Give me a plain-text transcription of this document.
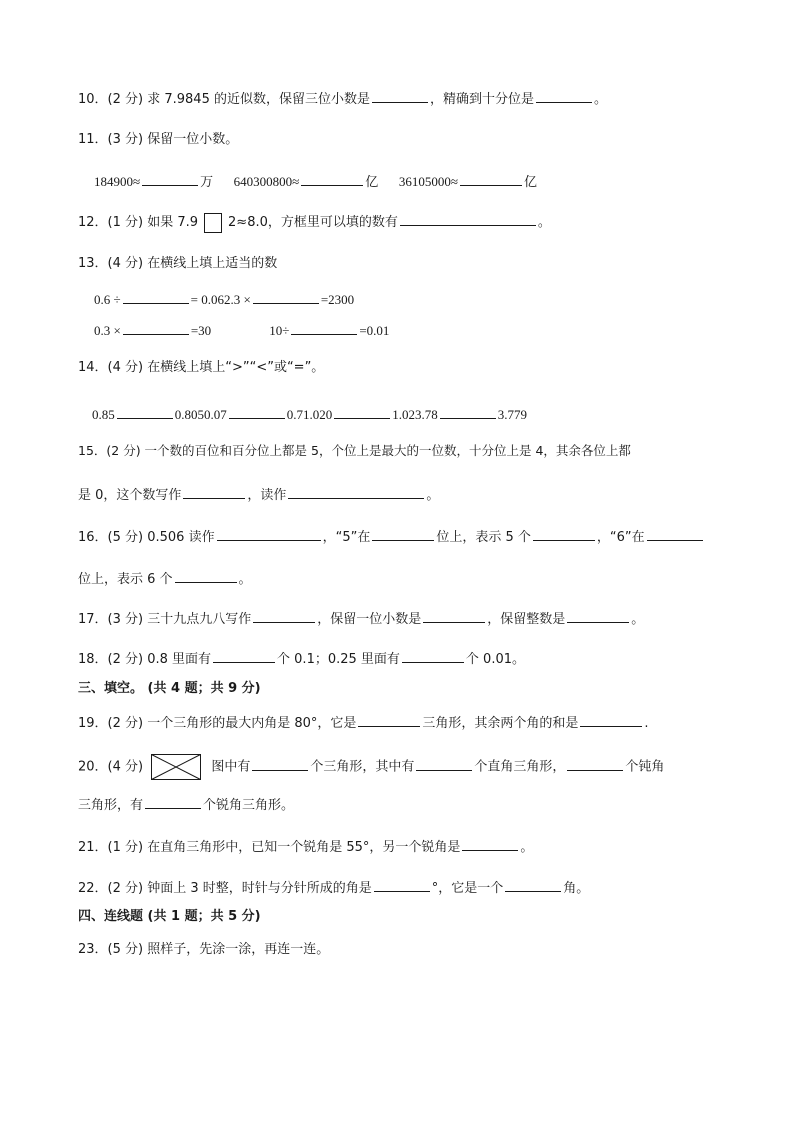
10．(2 分) 求 7.9845 的近似数，保留三位小数是	，精确到十分位是	。
11．(3 分) 保留一位小数。
184900≈	万 640300800≈	亿 36105000≈	亿
12．(1 分) 如果 7.9 2≈8.0，方框里可以填的数有	。
13．(4 分) 在横线上填上适当的数
0.6 ÷	= 0.062.3 ×	=2300
0.3 ×	=30	10÷	=0.01
14．(4 分) 在横线上填上“>”“<”或“=”。
0.85	0.8050.07	0.71.020	1.023.78	3.779
15．(2 分) 一个数的百位和百分位上都是 5，个位上是最大的一位数，十分位上是 4，其余各位上都
是 0，这个数写作	，读作	。
16．(5 分) 0.506 读作	，“5”在	位上，表示 5 个	，“6”在
位上，表示 6 个	。
17．(3 分) 三十九点九八写作	，保留一位小数是	，保留整数是	。
18．(2 分) 0.8 里面有	个 0.1；0.25 里面有	个 0.01。
三、填空。 (共 4 题；共 9 分)
19．(2 分) 一个三角形的最大内角是 80°，它是	三角形，其余两个角的和是	.
20．(4 分)	图中有	个三角形，其中有	个直角三角形，	个钝角
三角形，有	个锐角三角形。
21．(1 分) 在直角三角形中，已知一个锐角是 55°，另一个锐角是	。
22．(2 分) 钟面上 3 时整，时针与分针所成的角是	°，它是一个	角。
四、连线题 (共 1 题；共 5 分)
23．(5 分) 照样子，先涂一涂，再连一连。
